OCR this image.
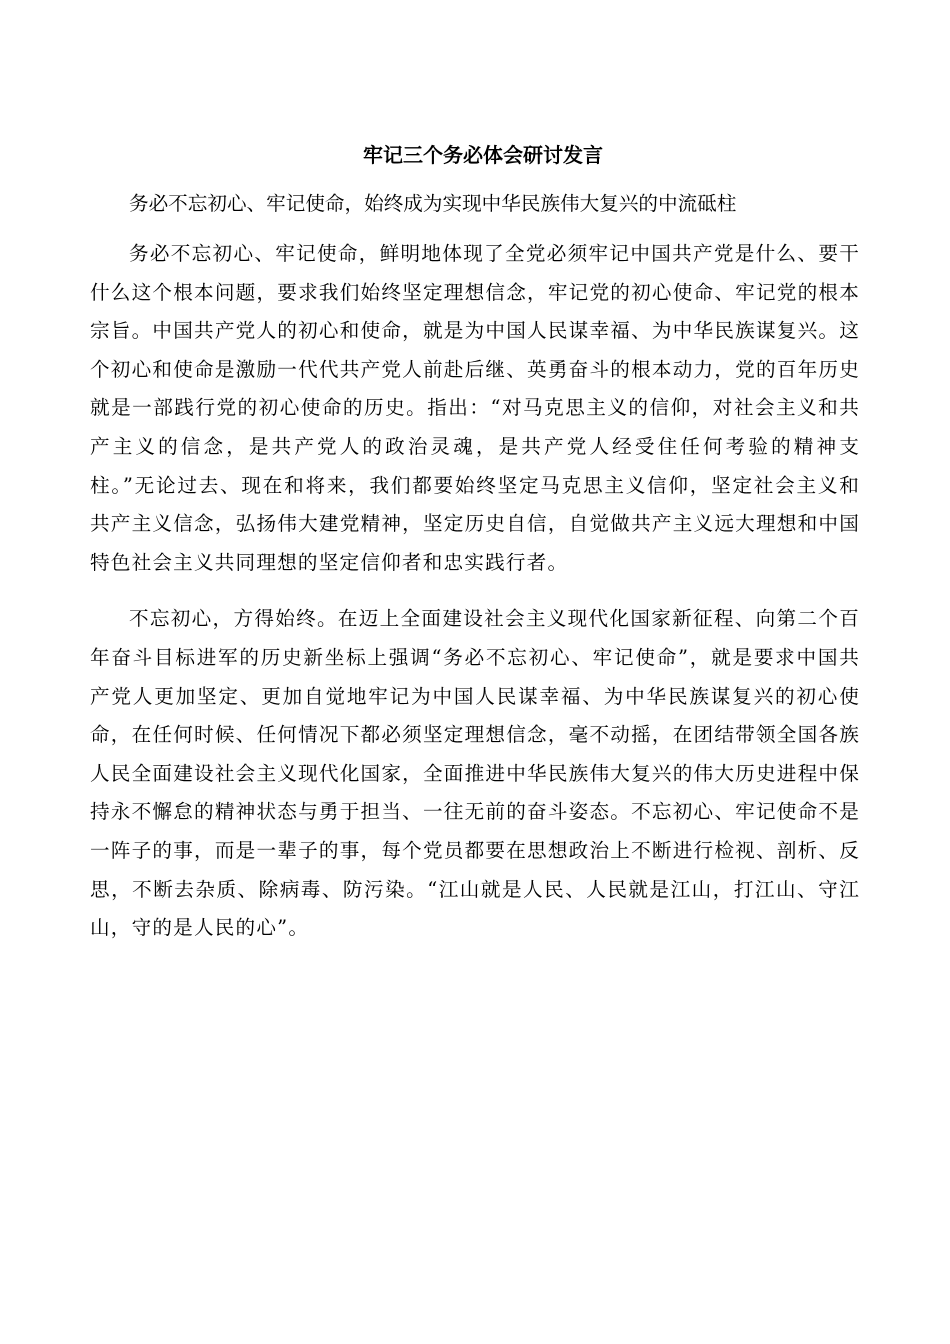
牢记三个务必体会研讨发言

务必不忘初心、牢记使命，始终成为实现中华民族伟大复兴的中流砥柱

务必不忘初心、牢记使命，鲜明地体现了全党必须牢记中国共产党是什么、要干什么这个根本问题，要求我们始终坚定理想信念，牢记党的初心使命、牢记党的根本宗旨。中国共产党人的初心和使命，就是为中国人民谋幸福、为中华民族谋复兴。这个初心和使命是激励一代代共产党人前赴后继、英勇奋斗的根本动力，党的百年历史就是一部践行党的初心使命的历史。指出：“对马克思主义的信仰，对社会主义和共产主义的信念，是共产党人的政治灵魂，是共产党人经受住任何考验的精神支柱。”无论过去、现在和将来，我们都要始终坚定马克思主义信仰，坚定社会主义和共产主义信念，弘扬伟大建党精神，坚定历史自信，自觉做共产主义远大理想和中国特色社会主义共同理想的坚定信仰者和忠实践行者。

不忘初心，方得始终。在迈上全面建设社会主义现代化国家新征程、向第二个百年奋斗目标进军的历史新坐标上强调“务必不忘初心、牢记使命”，就是要求中国共产党人更加坚定、更加自觉地牢记为中国人民谋幸福、为中华民族谋复兴的初心使命，在任何时候、任何情况下都必须坚定理想信念，毫不动摇，在团结带领全国各族人民全面建设社会主义现代化国家，全面推进中华民族伟大复兴的伟大历史进程中保持永不懈怠的精神状态与勇于担当、一往无前的奋斗姿态。不忘初心、牢记使命不是一阵子的事，而是一辈子的事，每个党员都要在思想政治上不断进行检视、剖析、反思，不断去杂质、除病毒、防污染。“江山就是人民、人民就是江山，打江山、守江山，守的是人民的心”。
